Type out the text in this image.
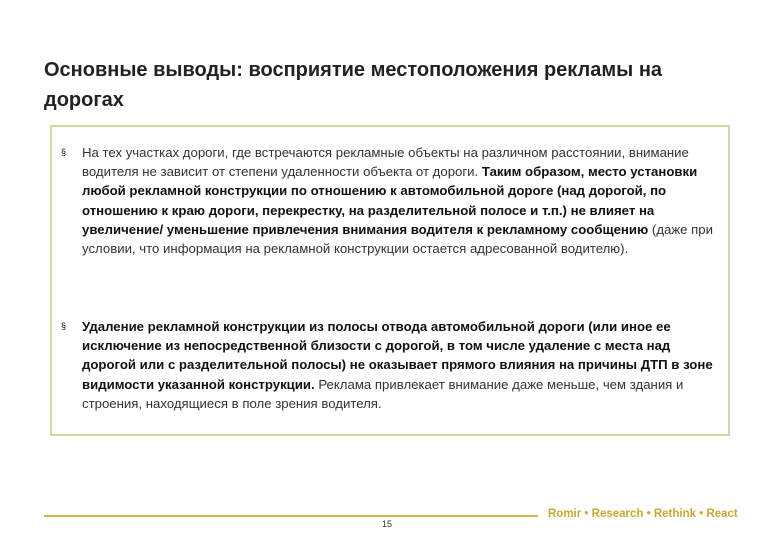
Основные выводы: восприятие местоположения рекламы на дорогах
§ На тех участках дороги, где встречаются рекламные объекты на различном расстоянии, внимание водителя не зависит от степени удаленности объекта от дороги. Таким образом, место установки любой рекламной конструкции по отношению к автомобильной дороге (над дорогой, по отношению к краю дороги, перекрестку, на разделительной полосе и т.п.) не влияет на увеличение/ уменьшение привлечения внимания водителя к рекламному сообщению (даже при условии, что информация на рекламной конструкции остается адресованной водителю).
§ Удаление рекламной конструкции из полосы отвода автомобильной дороги (или иное ее исключение из непосредственной близости с дорогой, в том числе удаление с места над дорогой или с разделительной полосы) не оказывает прямого влияния на причины ДТП в зоне видимости указанной конструкции. Реклама привлекает внимание даже меньше, чем здания и строения, находящиеся в поле зрения водителя.
15
Romir • Research • Rethink • React
